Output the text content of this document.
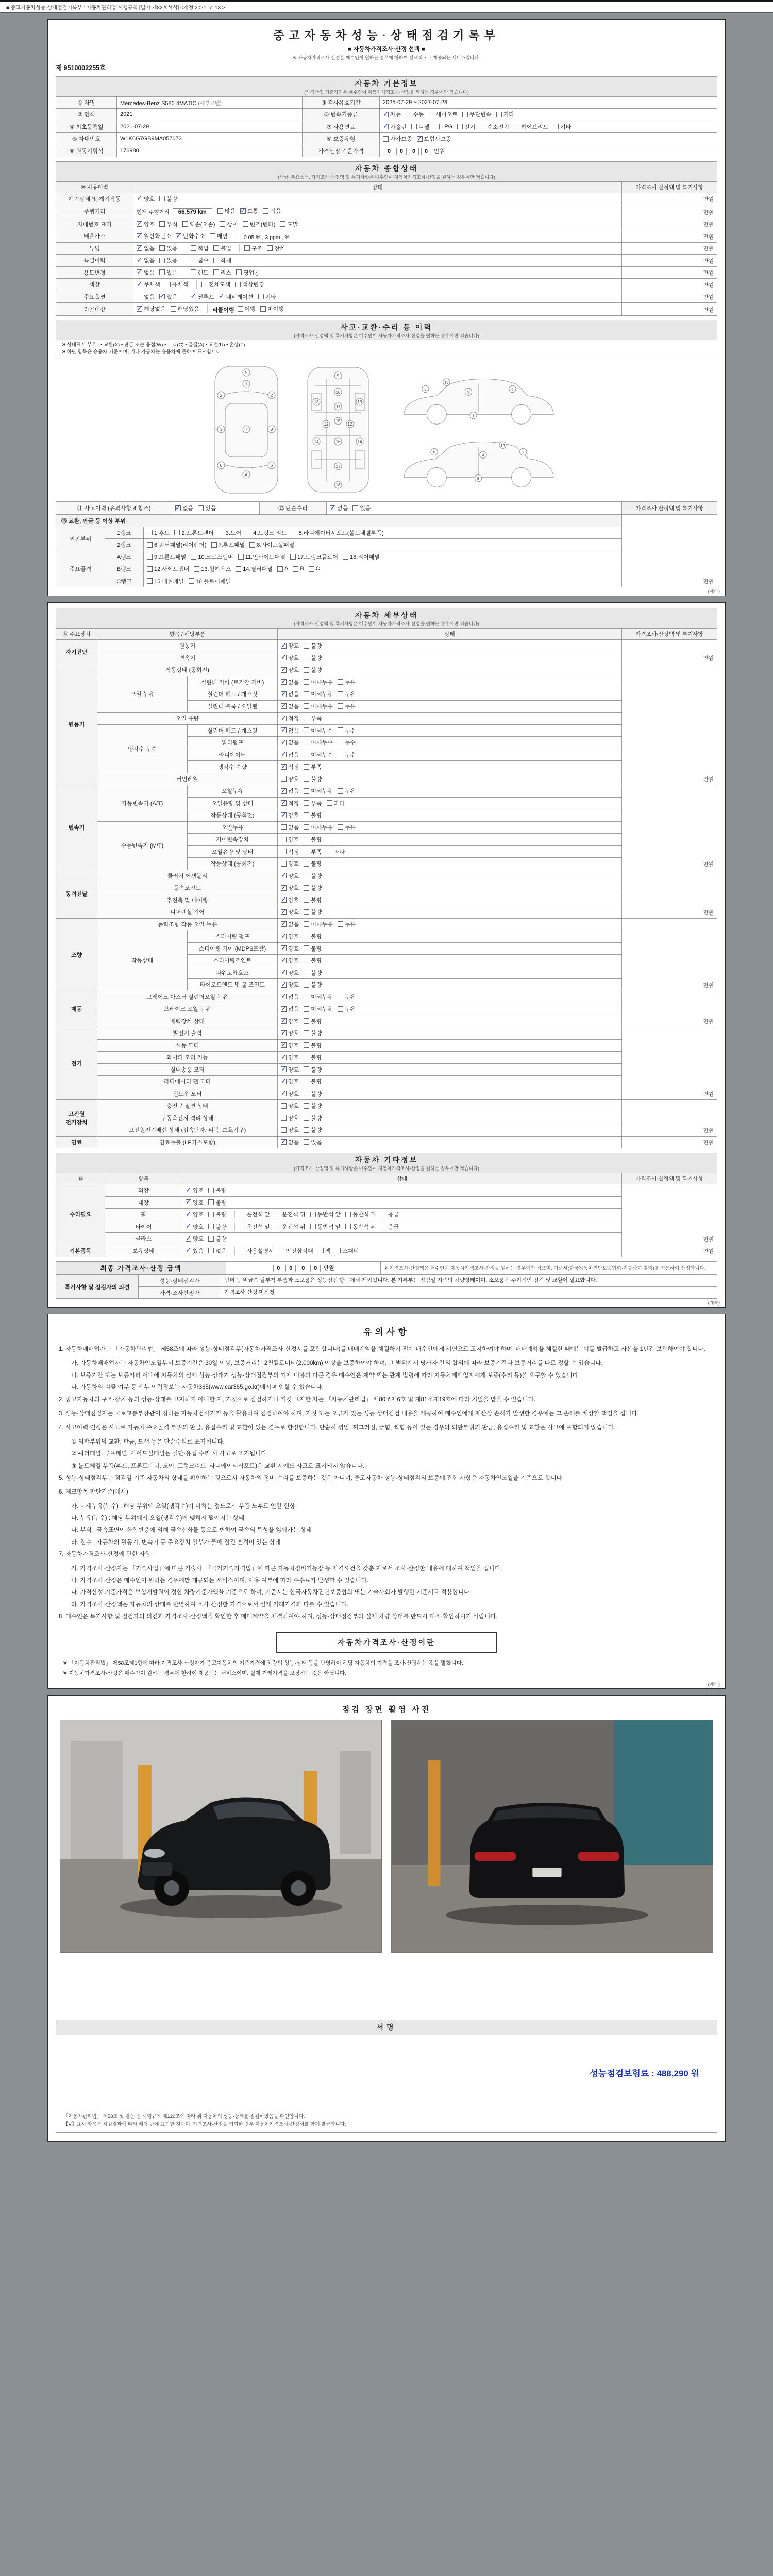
■ 중고자동차성능·상태점검기록부 : 자동차관리법 시행규칙 [별지 제82호서식] <개정 2021. 7. 13.>
중고자동차성능·상태점검기록부
■ 자동차가격조사·산정 선택 ■
※ 자동차가격조사·산정은 매수인이 원하는 경우에 한하여 선택적으로 제공되는 서비스입니다.
제 9510002255호
자동차 기본정보
(가격산정 기준가격은 매수인이 자동차가격조사·산정을 원하는 경우에만 적습니다)
① 차명	Mercedes-Benz S580 4MATIC (세부모델)	③ 검사유효기간	2025-07-29 ~ 2027-07-28
② 연식	2021	⑤ 변속기종류	
✓자동 수동 세미오토 무단변속 기타

④ 최초등록일	2021-07-29	⑦ 사용연료	
✓가솔린 디젤 LPG 전기 수소전기 하이브리드 기타

⑥ 차대번호	W1K6G7GB9MA057073	⑨ 보증유형	자가보증 ✓ 보험사보증

⑧ 원동기형식	176980	가격산정 기준가격	0 0 0 0 만원
자동차 종합상태
(색상, 주요옵션, 가격조사·산정액 및 특기사항은 매수인이 자동차가격조사·산정을 원하는 경우에만 적습니다)
⑩ 사용이력	상태	가격조사·산정액 및 특기사항
계기상태 및 계기작동	
✓양호 불량	만원
주행거리	현재 주행거리 66,579 km 많음 ✓ 보통 적음	만원
차대번호 표기	
✓양호 부식 훼손(오손) 상이 변조(변타) 도말	만원
배출가스	
✓일산화탄소 ✓ 탄화수소 매연 0.05 % , 3 ppm , %	만원
튜닝	
✓없음 있음	적법 불법	구조 장치	만원
특별이력	
✓없음 있음 침수 화재	만원
용도변경	
✓없음 있음 렌트 리스 영업용	만원
색상	
✓무채색 유채색 전체도색 색상변경	만원
주요옵션	없음 ✓ 있음 ✓ 썬루프 ✓ 네비게이션 기타	만원
리콜대상	
✓해당없음 해당있음 리콜이행 이행 미이행	만원
사고·교환·수리 등 이력
(가격조사·산정액 및 특기사항은 매수인이 자동차가격조사·산정을 원하는 경우에만 적습니다)
※ 상태표시 부호 : • 교환(X) • 판금 또는 용접(W) • 부식(C) • 흠집(A) • 요철(U) • 손상(T)
※ 하단 항목은 승용차 기준이며, 기타 자동차는 승용차에 준하여 표시합니다.
1
5
2	2
3	3
7
6	6
4
9
10
13	13
11
12	12
15
16
14	14
17
18
2
3
6
8
13
6
3
2
8
14
⑪ 사고이력 (유의사항 4.참조)	
✓없음 있음	⑫ 단순수리	
✓없음 있음	가격조사·산정액 및 특기사항
⑬ 교환, 판금 등 이상 부위			만원
외판부위	1랭크	1.후드 2.프론트펜더 3.도어 4.트렁크 리드 5.라디에이터서포트(볼트체결부품)	

	2랭크	6.쿼터패널(리어펜더) 7.루프패널 8.사이드실패널	

주요골격	A랭크	9.프론트패널 10.크로스멤버 11.인사이드패널 17.트렁크플로어 18.리어패널	

B랭크	12.사이드멤버 13.휠하우스 14.필러패널 A B C

	C랭크	15.대쉬패널 16.플로어패널	
(계속)
자동차 세부상태
(가격조사·산정액 및 특기사항은 매수인이 자동차가격조사·산정을 원하는 경우에만 적습니다)
⑭ 주요장치	항목 / 해당부품		상태	가격조사·산정액 및 특기사항
자기진단	원동기	
✓양호 불량	만원
	변속기	
✓양호 불량

원동기	작동상태 (공회전)	
✓양호 불량	만원
	오일 누유	실린더 커버 (로커암 커버)	
✓없음 미세누유 누유

		실린더 헤드 / 개스킷	
✓없음 미세누유 누유

		실린더 블록 / 오일팬	
✓없음 미세누유 누유

	오일 유량	
✓적정 부족

	냉각수 누수	실린더 헤드 / 개스킷	
✓없음 미세누수 누수

		워터펌프	
✓없음 미세누수 누수

		라디에이터	
✓없음 미세누수 누수

		냉각수 수량	
✓적정 부족

	커먼레일		양호 불량	

변속기	자동변속기 (A/T)	오일누유	
✓없음 미세누유 누유	만원
		오일유량 및 상태	
✓적정 부족 과다

		작동상태 (공회전)	
✓양호 불량

	수동변속기 (M/T)	오일누유	없음 미세누유 누유	

		기어변속장치	양호 불량	

		오일유량 및 상태	적정 부족 과다	

		작동상태 (공회전)	양호 불량	

동력전달	클러치 어셈블리	
✓양호 불량	만원
	등속조인트	
✓양호 불량

	추진축 및 베어링	
✓양호 불량

	디퍼렌셜 기어	
✓양호 불량

조향	동력조향 작동 오일 누유	
✓없음 미세누유 누유	만원
	작동상태	스티어링 펌프	
✓양호 불량

		스티어링 기어 (MDPS포함)	
✓양호 불량

		스티어링조인트	
✓양호 불량

		파워고압호스	
✓양호 불량

		타이로드엔드 및 볼 조인트	
✓양호 불량

제동	브레이크 마스터 실린더오일 누유	
✓없음 미세누유 누유	만원
	브레이크 오일 누유	
✓없음 미세누유 누유

	배력장치 상태	
✓양호 불량

전기	발전기 출력	
✓양호 불량	만원
	시동 모터	
✓양호 불량

	와이퍼 모터 기능	
✓양호 불량

	실내송풍 모터	
✓양호 불량

	라디에이터 팬 모터	
✓양호 불량

	윈도우 모터	
✓양호 불량

고전원 전기장치	충전구 절연 상태		양호 불량	만원
	구동축전지 격리 상태		양호 불량	

	고전원전기배선 상태 (접속단자, 피복, 보호기구)		양호 불량	

연료	연료누출 (LP가스포함)	
✓없음 있음	만원
자동차 기타정보
(가격조사·산정액 및 특기사항은 매수인이 자동차가격조사·산정을 원하는 경우에만 적습니다)
⑮	항목	상태	가격조사·산정액 및 특기사항
수리필요	외장	
✓양호 불량	만원
	내장	
✓양호 불량

휠	
✓양호 불량	운전석 앞 운전석 뒤 동반석 앞 동반석 뒤 응급

타이어	
✓양호 불량	운전석 앞 운전석 뒤 동반석 앞 동반석 뒤 응급

	글라스	
✓양호 불량

기본품목	보유상태	
✓있음 없음	사용설명서 안전삼각대 잭 스패너	만원
최종 가격조사·산정 금액	0 0 0 0 만원	※ 가격조사·산정액은 매수인이 자동차가격조사·산정을 원하는 경우에만 적으며, 기준서(한국자동차진단보증협회·기술사회 발행)를 적용하여 산정합니다.
특기사항 및 점검자의 의견	성능·상태점검자	범퍼 등 비금속 탈부착 부품과 소모품은 성능점검 항목에서 제외됩니다. 본 기록부는 점검일 기준의 차량상태이며, 소모품은 주기적인 점검 및 교환이 필요합니다.
	가격·조사산정자	가격조사·산정 미신청
(계속)
유의사항
1. 자동차매매업자는 「자동차관리법」 제58조에 따라 성능·상태점검부(자동차가격조사·산정서를 포함합니다)를 매매계약을 체결하기 전에 매수인에게 서면으로 고지하여야 하며, 매매계약을 체결한 때에는 이를 발급하고 사본을 1년간 보관하여야 합니다.
가. 자동차매매업자는 자동차인도일부터 보증기간은 30일 이상, 보증거리는 2천킬로미터(2,000km) 이상을 보증하여야 하며, 그 범위에서 당사자 간의 합의에 따라 보증기간과 보증거리를 따로 정할 수 있습니다.
나. 보증기간 또는 보증거리 이내에 자동차의 실제 성능·상태가 성능·상태점검부의 기재 내용과 다른 경우 매수인은 계약 또는 관계 법령에 따라 자동차매매업자에게 보증(수리 등)을 요구할 수 있습니다.
다. 자동차의 리콜 여부 등 세부 이력정보는 자동차365(www.car365.go.kr)에서 확인할 수 있습니다.
2. 중고자동차의 구조·장치 등의 성능·상태를 고지하지 아니한 자, 거짓으로 점검하거나 거짓 고지한 자는 「자동차관리법」 제80조제6호 및 제81조제19호에 따라 처벌을 받을 수 있습니다.
3. 성능·상태점검자는 국토교통부장관이 정하는 자동차검사기기 등을 활용하여 점검하여야 하며, 거짓 또는 오류가 있는 성능·상태점검 내용을 제공하여 매수인에게 재산상 손해가 발생한 경우에는 그 손해를 배상할 책임을 집니다.
4. 사고이력 인정은 사고로 자동차 주요골격 부위의 판금, 용접수리 및 교환이 있는 경우로 한정합니다. 단순히 꺾임, 찌그러짐, 긁힘, 찍힘 등이 있는 경우와 외판부위의 판금, 용접수리 및 교환은 사고에 포함되지 않습니다.
① 외판부위의 교환, 판금, 도색 등은 단순수리로 표기됩니다.
② 쿼터패널, 루프패널, 사이드실패널은 절단·용접 수리 시 사고로 표기됩니다.
③ 볼트체결 부품(후드, 프론트펜더, 도어, 트렁크리드, 라디에이터서포트)은 교환 시에도 사고로 표기되지 않습니다.
5. 성능·상태점검부는 점검일 기준 자동차의 상태를 확인하는 것으로서 자동차의 정비·수리를 보증하는 것은 아니며, 중고자동차 성능·상태점검의 보증에 관한 사항은 자동차인도일을 기준으로 합니다.
6. 체크항목 판단기준(예시)
가. 미세누유(누수) : 해당 부위에 오일(냉각수)이 비치는 정도로서 부품 노후로 인한 현상
나. 누유(누수) : 해당 부위에서 오일(냉각수)이 맺혀서 떨어지는 상태
다. 부식 : 금속표면이 화학반응에 의해 금속산화물 등으로 변하여 금속의 특성을 잃어가는 상태
라. 침수 : 자동차의 원동기, 변속기 등 주요장치 일부가 물에 잠긴 흔적이 있는 상태
7. 자동차가격조사·산정에 관한 사항
가. 가격조사·산정자는 「기술사법」에 따른 기술사, 「국가기술자격법」에 따른 자동차정비기능장 등 자격요건을 갖춘 자로서 조사·산정한 내용에 대하여 책임을 집니다.
나. 가격조사·산정은 매수인이 원하는 경우에만 제공되는 서비스이며, 이용 여부에 따라 수수료가 발생할 수 있습니다.
다. 가격산정 기준가격은 보험개발원이 정한 차량기준가액을 기준으로 하며, 기준서는 한국자동차진단보증협회 또는 기술사회가 발행한 기준서를 적용합니다.
라. 가격조사·산정액은 자동차의 상태를 반영하여 조사·산정한 가격으로서 실제 거래가격과 다를 수 있습니다.
8. 매수인은 특기사항 및 점검자의 의견과 가격조사·산정액을 확인한 후 매매계약을 체결하여야 하며, 성능·상태점검부와 실제 차량 상태를 반드시 대조·확인하시기 바랍니다.
자동차가격조사·산정이란
※ 「자동차관리법」 제58조제1항에 따라 가격조사·산정자가 중고자동차의 기준가격에 차량의 성능·상태 등을 반영하여 해당 자동차의 가격을 조사·산정하는 것을 말합니다.
※ 자동차가격조사·산정은 매수인이 원하는 경우에 한하여 제공되는 서비스이며, 실제 거래가격을 보장하는 것은 아닙니다.
(계속)
점검 장면 촬영 사진
서명
성능점검보험료 : 488,290 원
「자동차관리법」 제58조 및 같은 법 시행규칙 제120조에 따라 위 자동차의 성능·상태를 점검하였음을 확인합니다.
【V】표시 항목은 점검결과에 따라 해당 란에 표기한 것이며, 가격조사·산정을 의뢰한 경우 자동차가격조사·산정서를 함께 발급합니다.
